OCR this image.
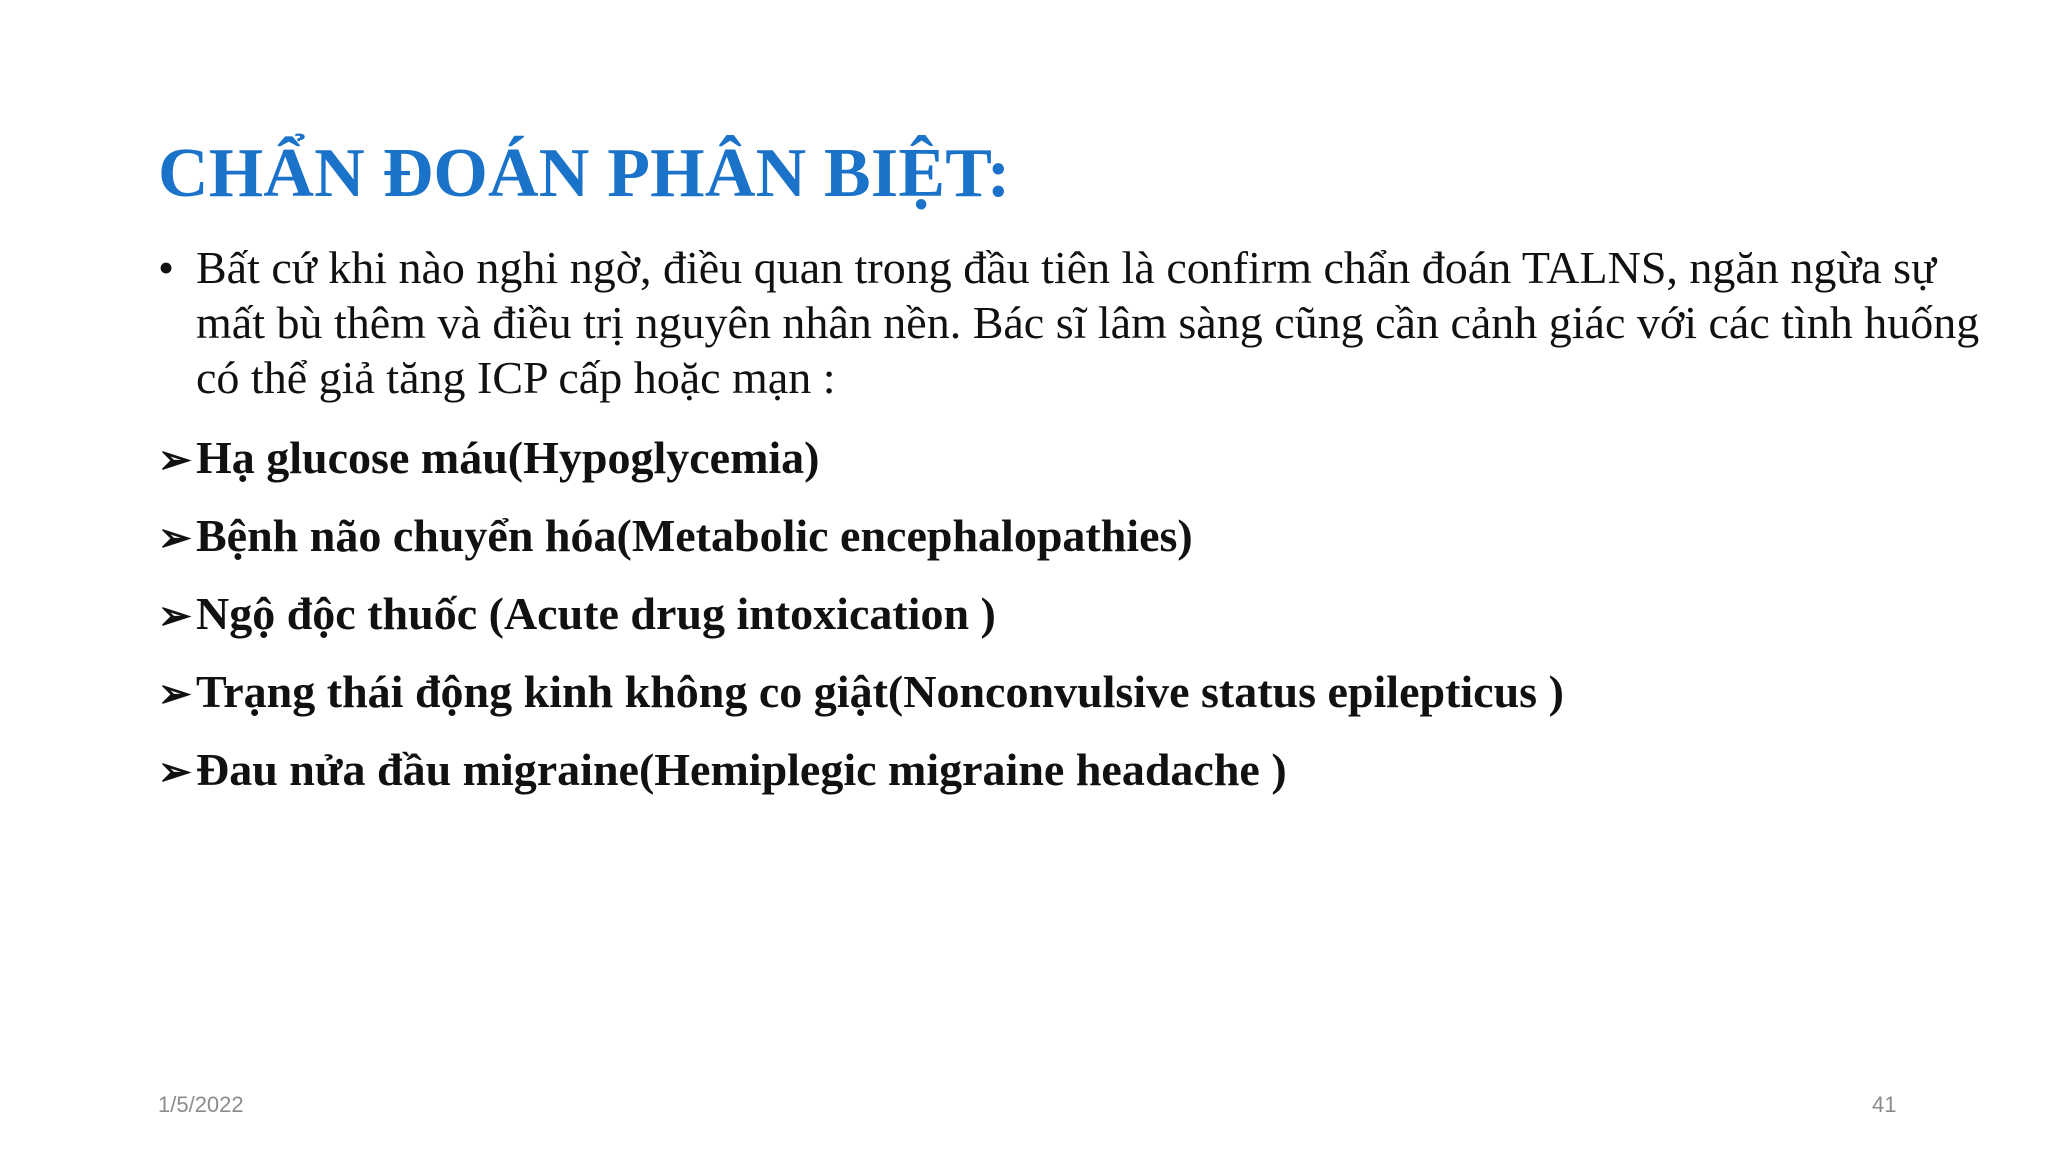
CHẨN ĐOÁN PHÂN BIỆT:
• Bất cứ khi nào nghi ngờ, điều quan trong đầu tiên là confirm chẩn đoán TALNS, ngăn ngừa sự mất bù thêm và điều trị nguyên nhân nền. Bác sĩ lâm sàng cũng cần cảnh giác với các tình huống có thể giả tăng ICP cấp hoặc mạn :
➢ Hạ glucose máu(Hypoglycemia)
➢ Bệnh não chuyển hóa(Metabolic encephalopathies)
➢ Ngộ độc thuốc (Acute drug intoxication )
➢ Trạng thái động kinh không co giật(Nonconvulsive status epilepticus )
➢ Đau nửa đầu migraine(Hemiplegic migraine headache )
1/5/2022	41
